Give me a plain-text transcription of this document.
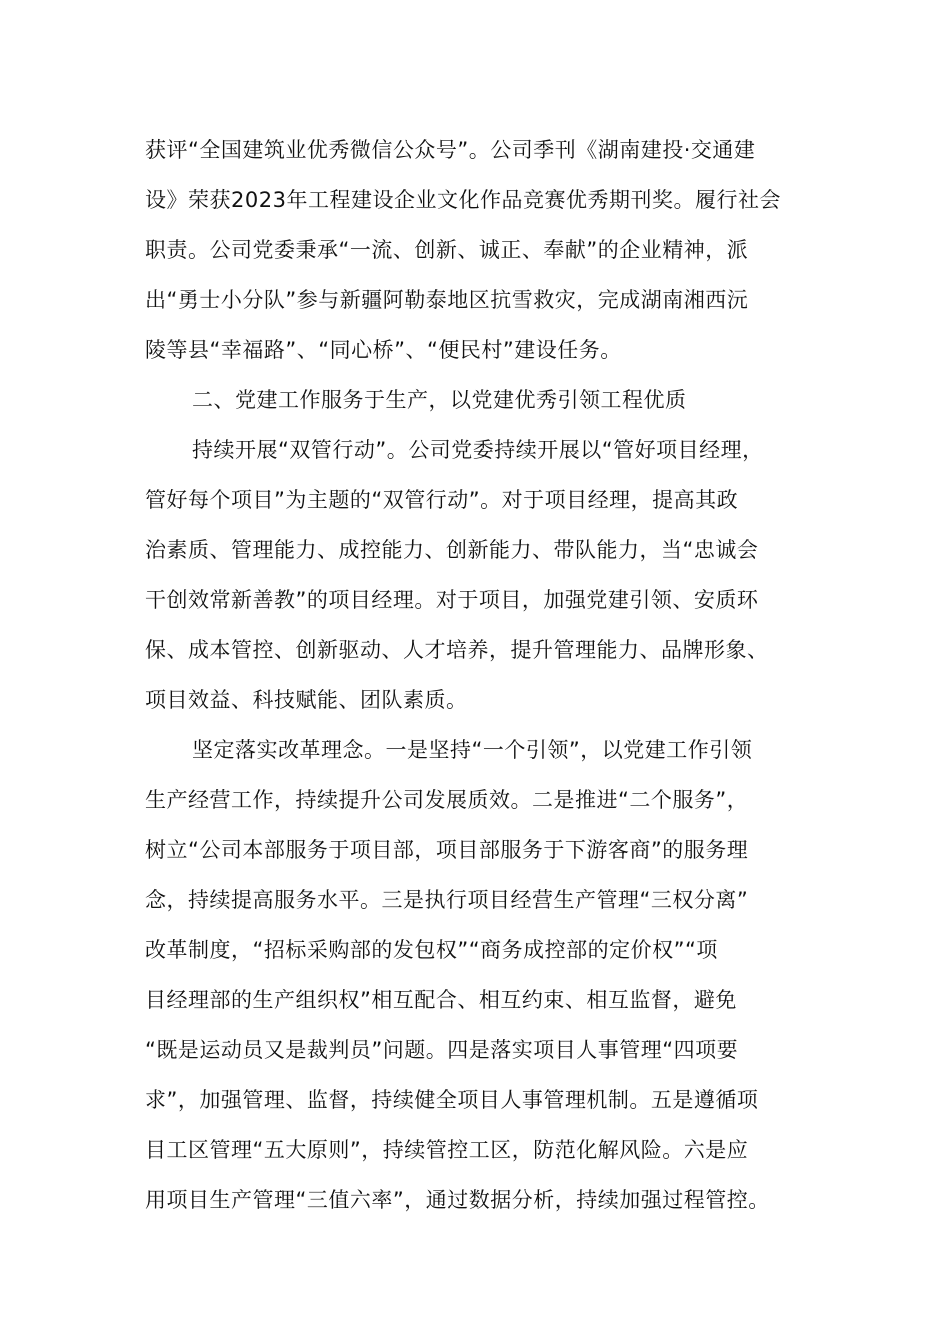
获评“全国建筑业优秀微信公众号”。公司季刊《湖南建投·交通建
设》荣获2023年工程建设企业文化作品竞赛优秀期刊奖。履行社会
职责。公司党委秉承“一流、创新、诚正、奉献”的企业精神，派
出“勇士小分队”参与新疆阿勒泰地区抗雪救灾，完成湖南湘西沅
陵等县“幸福路”、“同心桥”、“便民村”建设任务。
二、党建工作服务于生产，以党建优秀引领工程优质
持续开展“双管行动”。公司党委持续开展以“管好项目经理，
管好每个项目”为主题的“双管行动”。对于项目经理，提高其政
治素质、管理能力、成控能力、创新能力、带队能力，当“忠诚会
干创效常新善教”的项目经理。对于项目，加强党建引领、安质环
保、成本管控、创新驱动、人才培养，提升管理能力、品牌形象、
项目效益、科技赋能、团队素质。
坚定落实改革理念。一是坚持“一个引领”，以党建工作引领
生产经营工作，持续提升公司发展质效。二是推进“二个服务”，
树立“公司本部服务于项目部，项目部服务于下游客商”的服务理
念，持续提高服务水平。三是执行项目经营生产管理“三权分离”
改革制度，“招标采购部的发包权”“商务成控部的定价权”“项
目经理部的生产组织权”相互配合、相互约束、相互监督，避免
“既是运动员又是裁判员”问题。四是落实项目人事管理“四项要
求”，加强管理、监督，持续健全项目人事管理机制。五是遵循项
目工区管理“五大原则”，持续管控工区，防范化解风险。六是应
用项目生产管理“三值六率”，通过数据分析，持续加强过程管控。
